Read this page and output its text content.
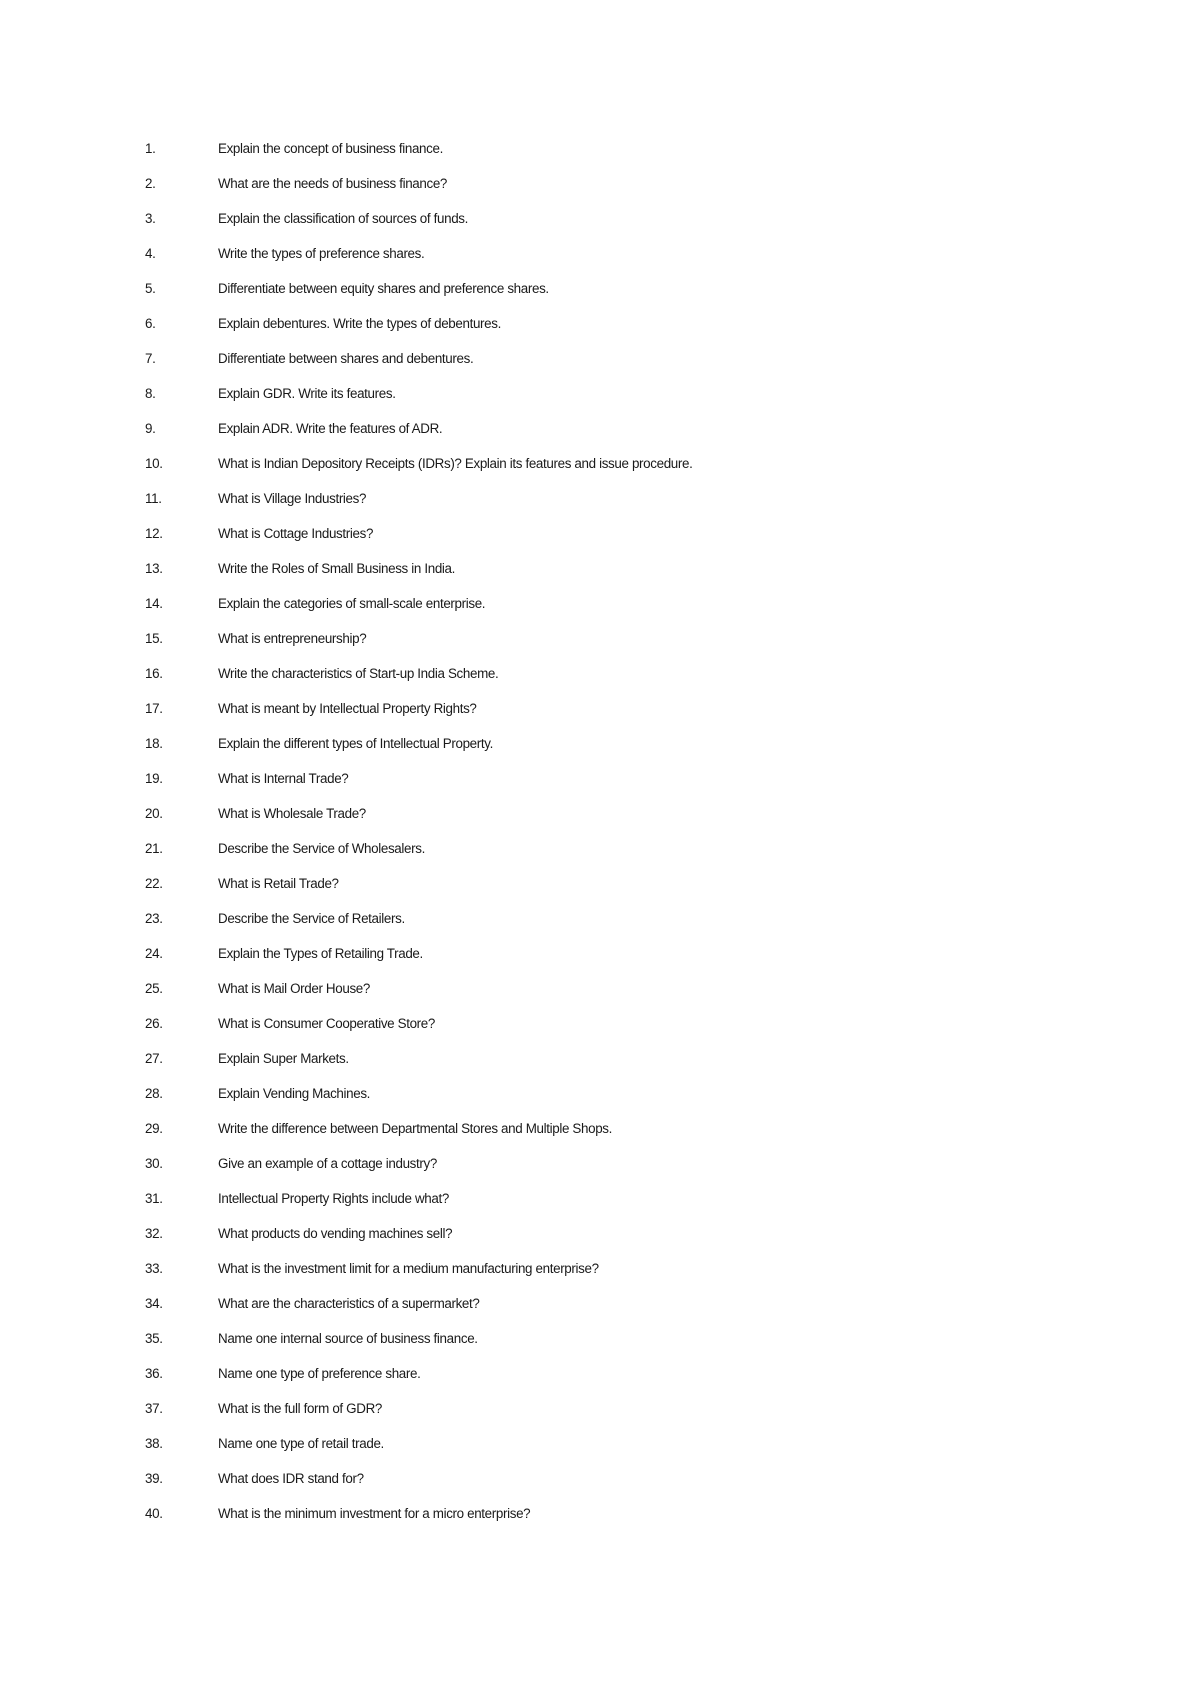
1.	Explain the concept of business finance.
2.	What are the needs of business finance?
3.	Explain the classification of sources of funds.
4.	Write the types of preference shares.
5.	Differentiate between equity shares and preference shares.
6.	Explain debentures. Write the types of debentures.
7.	Differentiate between shares and debentures.
8.	Explain GDR. Write its features.
9.	Explain ADR. Write the features of ADR.
10.	What is Indian Depository Receipts (IDRs)? Explain its features and issue procedure.
11.	What is Village Industries?
12.	What is Cottage Industries?
13.	Write the Roles of Small Business in India.
14.	Explain the categories of small-scale enterprise.
15.	What is entrepreneurship?
16.	Write the characteristics of Start-up India Scheme.
17.	What is meant by Intellectual Property Rights?
18.	Explain the different types of Intellectual Property.
19.	What is Internal Trade?
20.	What is Wholesale Trade?
21.	Describe the Service of Wholesalers.
22.	What is Retail Trade?
23.	Describe the Service of Retailers.
24.	Explain the Types of Retailing Trade.
25.	What is Mail Order House?
26.	What is Consumer Cooperative Store?
27.	Explain Super Markets.
28.	Explain Vending Machines.
29.	Write the difference between Departmental Stores and Multiple Shops.
30.	Give an example of a cottage industry?
31.	Intellectual Property Rights include what?
32.	What products do vending machines sell?
33.	What is the investment limit for a medium manufacturing enterprise?
34.	What are the characteristics of a supermarket?
35.	Name one internal source of business finance.
36.	Name one type of preference share.
37.	What is the full form of GDR?
38.	Name one type of retail trade.
39.	What does IDR stand for?
40.	What is the minimum investment for a micro enterprise?
